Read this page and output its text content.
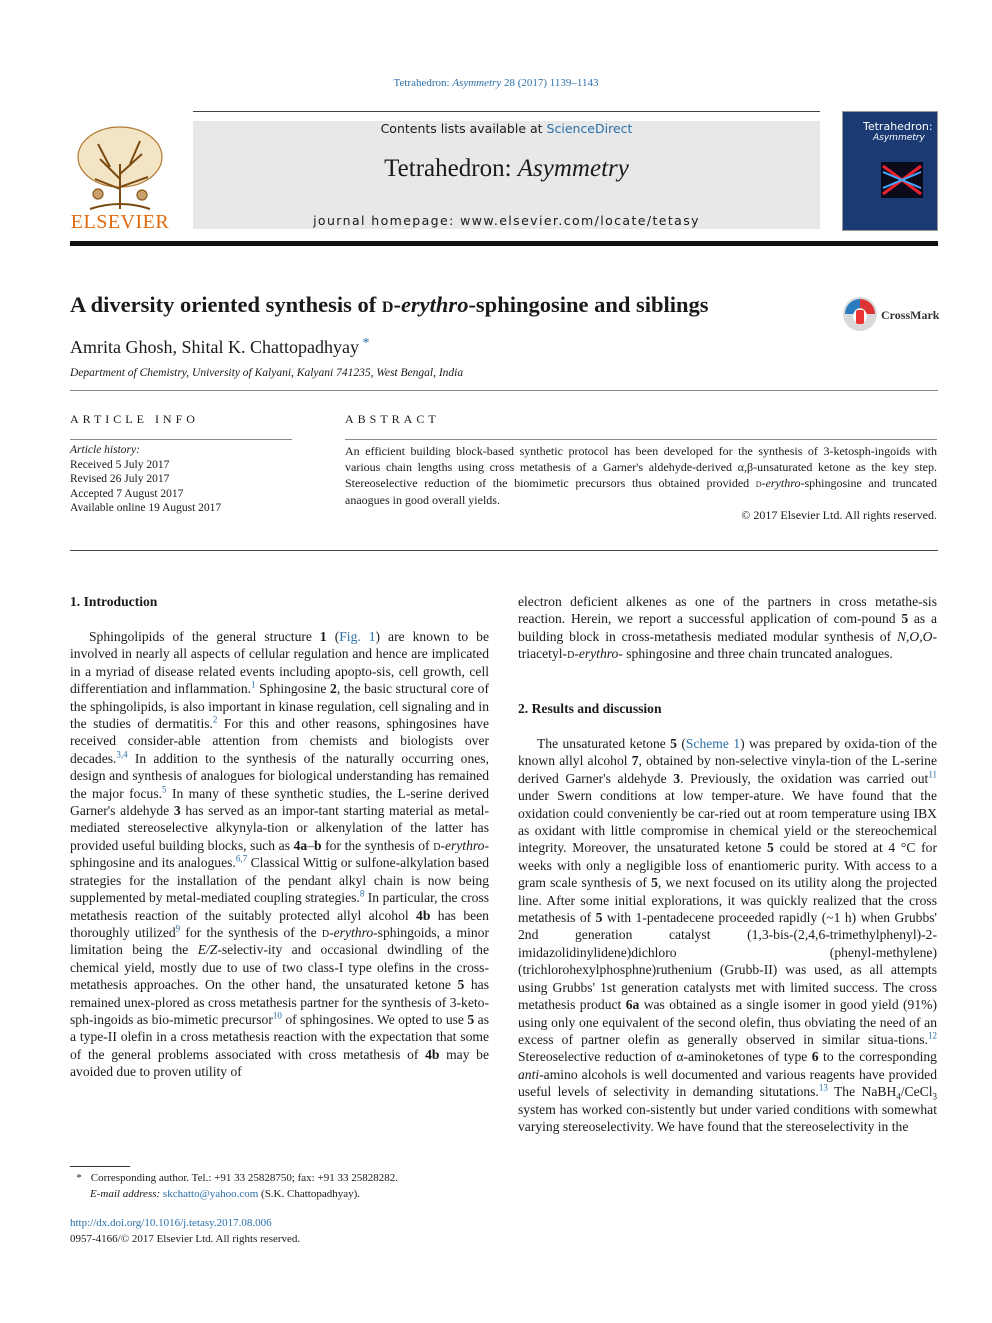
Tetrahedron: Asymmetry 28 (2017) 1139–1143
ELSEVIER
Contents lists available at ScienceDirect
Tetrahedron: Asymmetry
journal homepage: www.elsevier.com/locate/tetasy
Tetrahedron:
Asymmetry
A diversity oriented synthesis of d-erythro-sphingosine and siblings	CrossMark
Amrita Ghosh, Shital K. Chattopadhyay *
Department of Chemistry, University of Kalyani, Kalyani 741235, West Bengal, India
ARTICLE INFO
Article history:
Received 5 July 2017
Revised 26 July 2017
Accepted 7 August 2017
Available online 19 August 2017
ABSTRACT
An efficient building block-based synthetic protocol has been developed for the synthesis of 3-ketosph-ingoids with various chain lengths using cross metathesis of a Garner's aldehyde-derived α,β-unsaturated ketone as the key step. Stereoselective reduction of the biomimetic precursors thus obtained provided d-erythro-sphingosine and truncated anaogues in good overall yields.
© 2017 Elsevier Ltd. All rights reserved.
1. Introduction
2. Results and discussion

Sphingolipids of the general structure 1 (Fig. 1) are known to be involved in nearly all aspects of cellular regulation and hence are implicated in a myriad of disease related events including apopto-sis, cell growth, cell differentiation and inflammation.$^1$ Sphingosine 2, the basic structural core of the sphingolipids, is also important in kinase regulation, cell signaling and in the studies of dermatitis.$^2$ For this and other reasons, sphingosines have received consider-able attention from chemists and biologists over decades.$^{3,4}$ In addition to the synthesis of the naturally occurring ones, design and synthesis of analogues for biological understanding has remained the major focus.$^5$ In many of these synthetic studies, the L-serine derived Garner's aldehyde 3 has served as an impor-tant starting material as metal-mediated stereoselective alkynyla-tion or alkenylation of the latter has provided useful building blocks, such as 4a–b for the synthesis of d-erythro-sphingosine and its analogues.$^{6,7}$ Classical Wittig or sulfone-alkylation based strategies for the installation of the pendant alkyl chain is now being supplemented by metal-mediated coupling strategies.$^8$ In particular, the cross metathesis reaction of the suitably protected allyl alcohol 4b has been thoroughly utilized$^9$ for the synthesis of the d-erythro-sphingoids, a minor limitation being the E/Z-selectiv-ity and occasional dwindling of the chemical yield, mostly due to use of two class-I type olefins in the cross-metathesis approaches. On the other hand, the unsaturated ketone 5 has remained unex-plored as cross metathesis partner for the synthesis of 3-keto-sph-ingoids as bio-mimetic precursor$^{10}$ of sphingosines. We opted to use 5 as a type-II olefin in a cross metathesis reaction with the expectation that some of the general problems associated with cross metathesis of 4b may be avoided due to proven utility of

electron deficient alkenes as one of the partners in cross metathe-sis reaction. Herein, we report a successful application of com-pound 5 as a building block in cross-metathesis mediated modular synthesis of N,O,O-triacetyl-d-erythro- sphingosine and three chain truncated analogues.

The unsaturated ketone 5 (Scheme 1) was prepared by oxida-tion of the known allyl alcohol 7, obtained by non-selective vinyla-tion of the L-serine derived Garner's aldehyde 3. Previously, the oxidation was carried out$^{11}$ under Swern conditions at low temper-ature. We have found that the oxidation could conveniently be car-ried out at room temperature using IBX as oxidant with little compromise in chemical yield or the stereochemical integrity. Moreover, the unsaturated ketone 5 could be stored at 4 °C for weeks with only a negligible loss of enantiomeric purity. With access to a gram scale synthesis of 5, we next focused on its utility along the projected line. After some initial explorations, it was quickly realized that the cross metathesis of 5 with 1-pentadecene proceeded rapidly (~1 h) when Grubbs' 2nd generation catalyst (1,3-bis-(2,4,6-trimethylphenyl)-2-imidazolidinylidene)dichloro (phenyl-methylene)(trichlorohexylphosphne)ruthenium (Grubb-II) was used, as all attempts using Grubbs' 1st generation catalysts met with limited success. The cross metathesis product 6a was obtained as a single isomer in good yield (91%) using only one equivalent of the second olefin, thus obviating the need of an excess of partner olefin as generally observed in similar situa-tions.$^{12}$ Stereoselective reduction of α-aminoketones of type 6 to the corresponding anti-amino alcohols is well documented and various reagents have provided useful levels of selectivity in demanding situtations.$^{13}$ The NaBH$_4$/CeCl$_3$ system has worked con-sistently but under varied conditions with somewhat varying stereoselectivity. We have found that the stereoselectivity in the

* Corresponding author. Tel.: +91 33 25828750; fax: +91 33 25828282.
E-mail address: skchatto@yahoo.com (S.K. Chattopadhyay).
http://dx.doi.org/10.1016/j.tetasy.2017.08.006
0957-4166/© 2017 Elsevier Ltd. All rights reserved.
